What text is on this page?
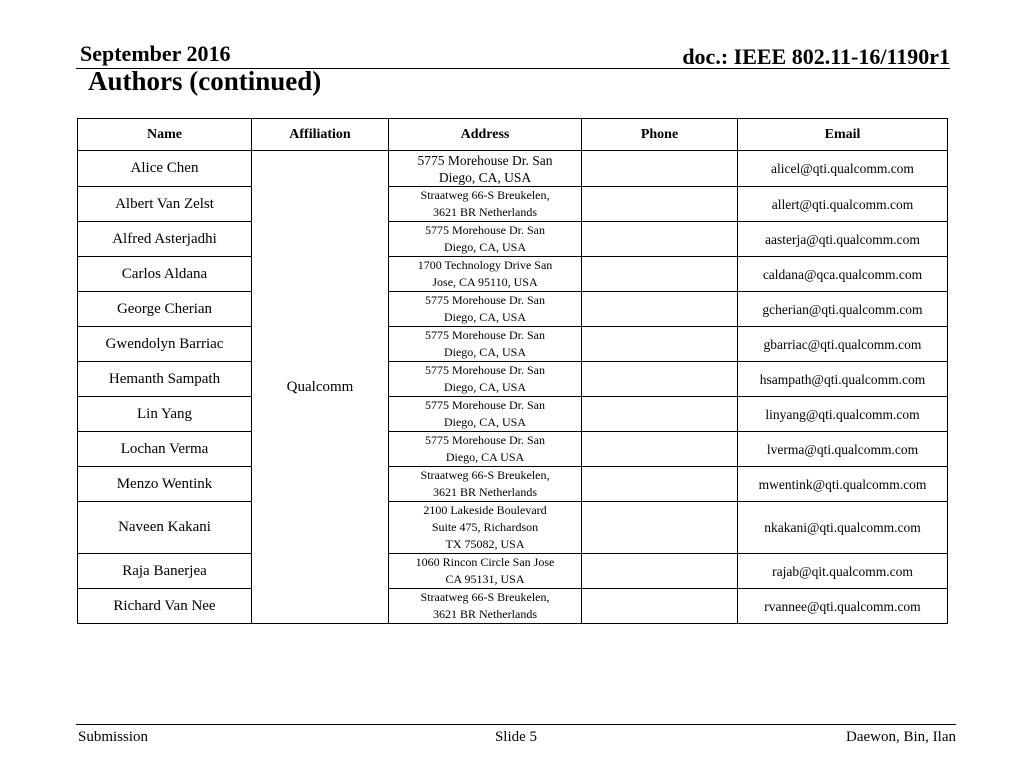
September 2016	doc.: IEEE 802.11-16/1190r1
Authors (continued)
Name	Affiliation	Address	Phone	Email
Alice Chen	Qualcomm	5775 Morehouse Dr. San
Diego, CA, USA		alicel@qti.qualcomm.com
Albert Van Zelst		Straatweg 66-S Breukelen,
3621 BR Netherlands		allert@qti.qualcomm.com
Alfred Asterjadhi		5775 Morehouse Dr. San
Diego, CA, USA		aasterja@qti.qualcomm.com
Carlos Aldana		1700 Technology Drive San
Jose, CA 95110, USA		caldana@qca.qualcomm.com
George Cherian		5775 Morehouse Dr. San
Diego, CA, USA		gcherian@qti.qualcomm.com
Gwendolyn Barriac		5775 Morehouse Dr. San
Diego, CA, USA		gbarriac@qti.qualcomm.com
Hemanth Sampath		5775 Morehouse Dr. San
Diego, CA, USA		hsampath@qti.qualcomm.com
Lin Yang		5775 Morehouse Dr. San
Diego, CA, USA		linyang@qti.qualcomm.com
Lochan Verma		5775 Morehouse Dr. San
Diego, CA USA		lverma@qti.qualcomm.com
Menzo Wentink		Straatweg 66-S Breukelen,
3621 BR Netherlands		mwentink@qti.qualcomm.com
Naveen Kakani		2100 Lakeside Boulevard
Suite 475, Richardson
TX 75082, USA		nkakani@qti.qualcomm.com
Raja Banerjea		1060 Rincon Circle San Jose
CA 95131, USA		rajab@qit.qualcomm.com
Richard Van Nee		Straatweg 66-S Breukelen,
3621 BR Netherlands		rvannee@qti.qualcomm.com
Submission	Slide 5	Daewon, Bin, Ilan
